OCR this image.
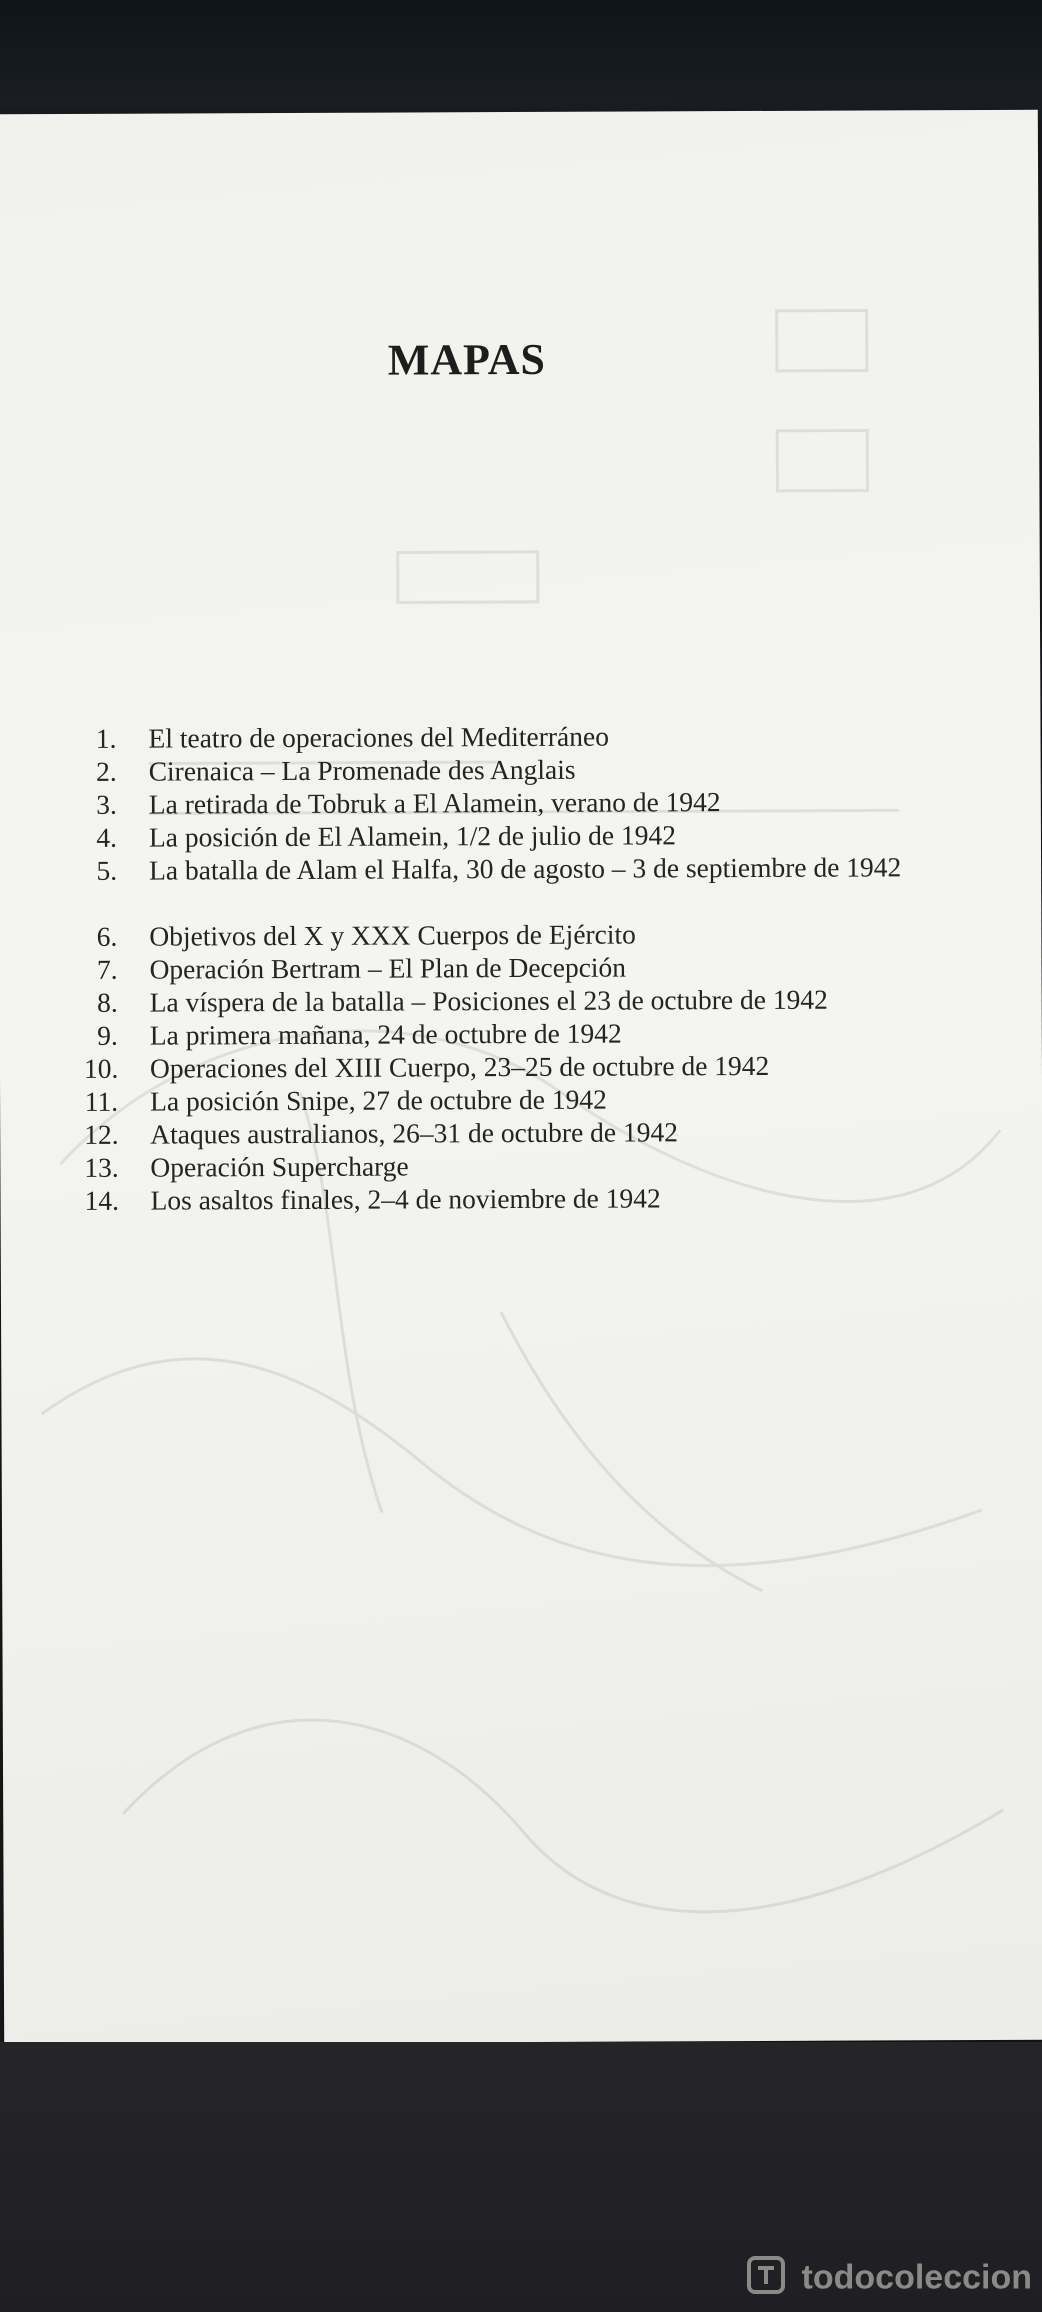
MAPAS
1. El teatro de operaciones del Mediterráneo
2. Cirenaica – La Promenade des Anglais
3. La retirada de Tobruk a El Alamein, verano de 1942
4. La posición de El Alamein, 1/2 de julio de 1942
5. La batalla de Alam el Halfa, 30 de agosto – 3 de septiembre de 1942
6. Objetivos del X y XXX Cuerpos de Ejército
7. Operación Bertram – El Plan de Decepción
8. La víspera de la batalla – Posiciones el 23 de octubre de 1942
9. La primera mañana, 24 de octubre de 1942
10. Operaciones del XIII Cuerpo, 23–25 de octubre de 1942
11. La posición Snipe, 27 de octubre de 1942
12. Ataques australianos, 26–31 de octubre de 1942
13. Operación Supercharge
14. Los asaltos finales, 2–4 de noviembre de 1942
todocoleccion
